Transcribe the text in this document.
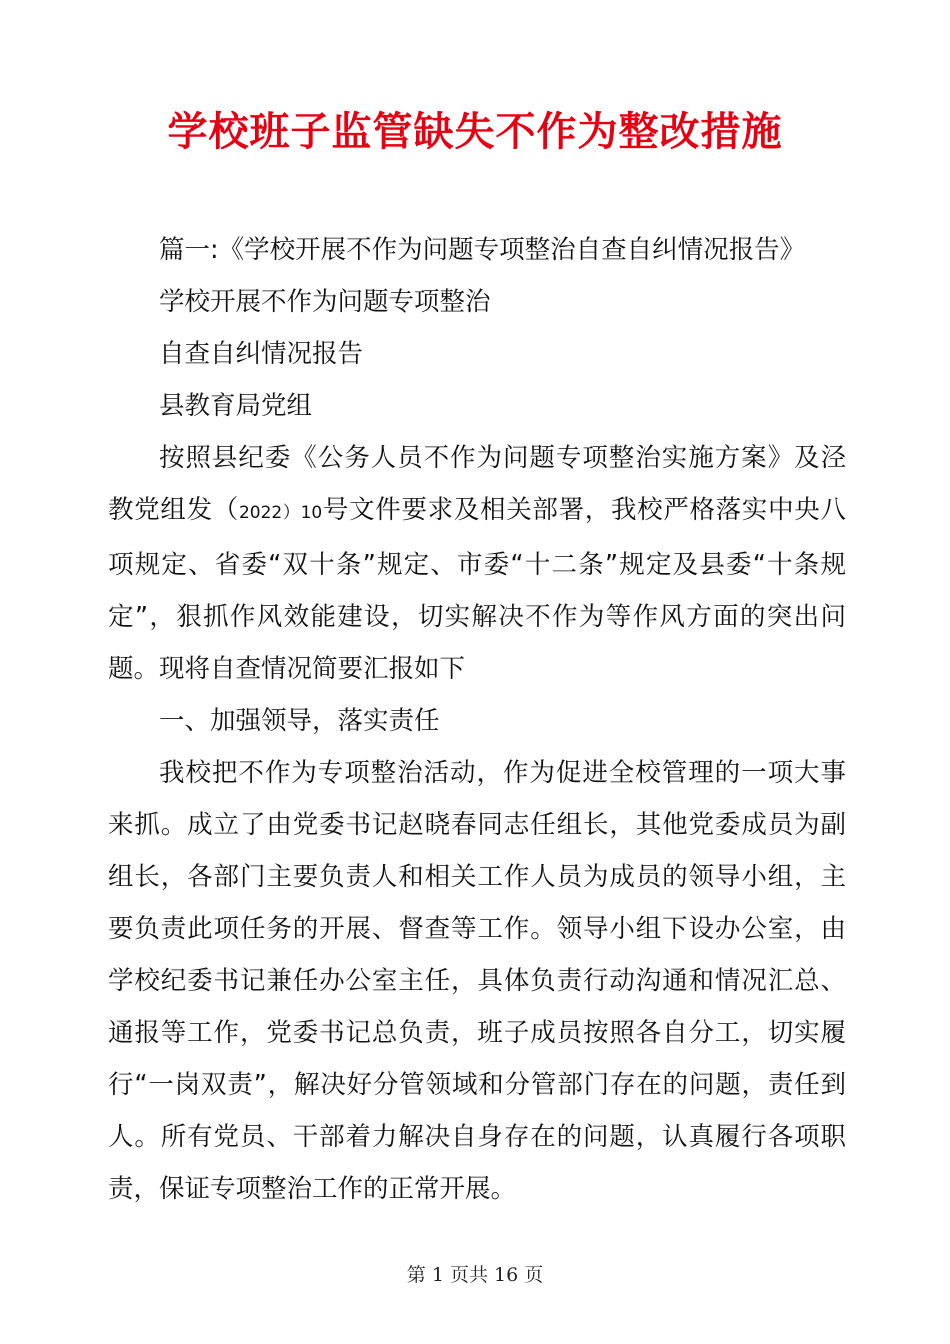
学校班子监管缺失不作为整改措施

篇一:《学校开展不作为问题专项整治自查自纠情况报告》

学校开展不作为问题专项整治

自查自纠情况报告

县教育局党组

按照县纪委《公务人员不作为问题专项整治实施方案》及泾教党组发（2022）10号文件要求及相关部署，我校严格落实中央八项规定、省委“双十条”规定、市委“十二条”规定及县委“十条规定”，狠抓作风效能建设，切实解决不作为等作风方面的突出问题。现将自查情况简要汇报如下

一、加强领导，落实责任

我校把不作为专项整治活动，作为促进全校管理的一项大事来抓。成立了由党委书记赵晓春同志任组长，其他党委成员为副组长，各部门主要负责人和相关工作人员为成员的领导小组，主要负责此项任务的开展、督查等工作。领导小组下设办公室，由学校纪委书记兼任办公室主任，具体负责行动沟通和情况汇总、通报等工作，党委书记总负责，班子成员按照各自分工，切实履行“一岗双责”，解决好分管领域和分管部门存在的问题，责任到人。所有党员、干部着力解决自身存在的问题，认真履行各项职责，保证专项整治工作的正常开展。

第 1 页共 16 页
